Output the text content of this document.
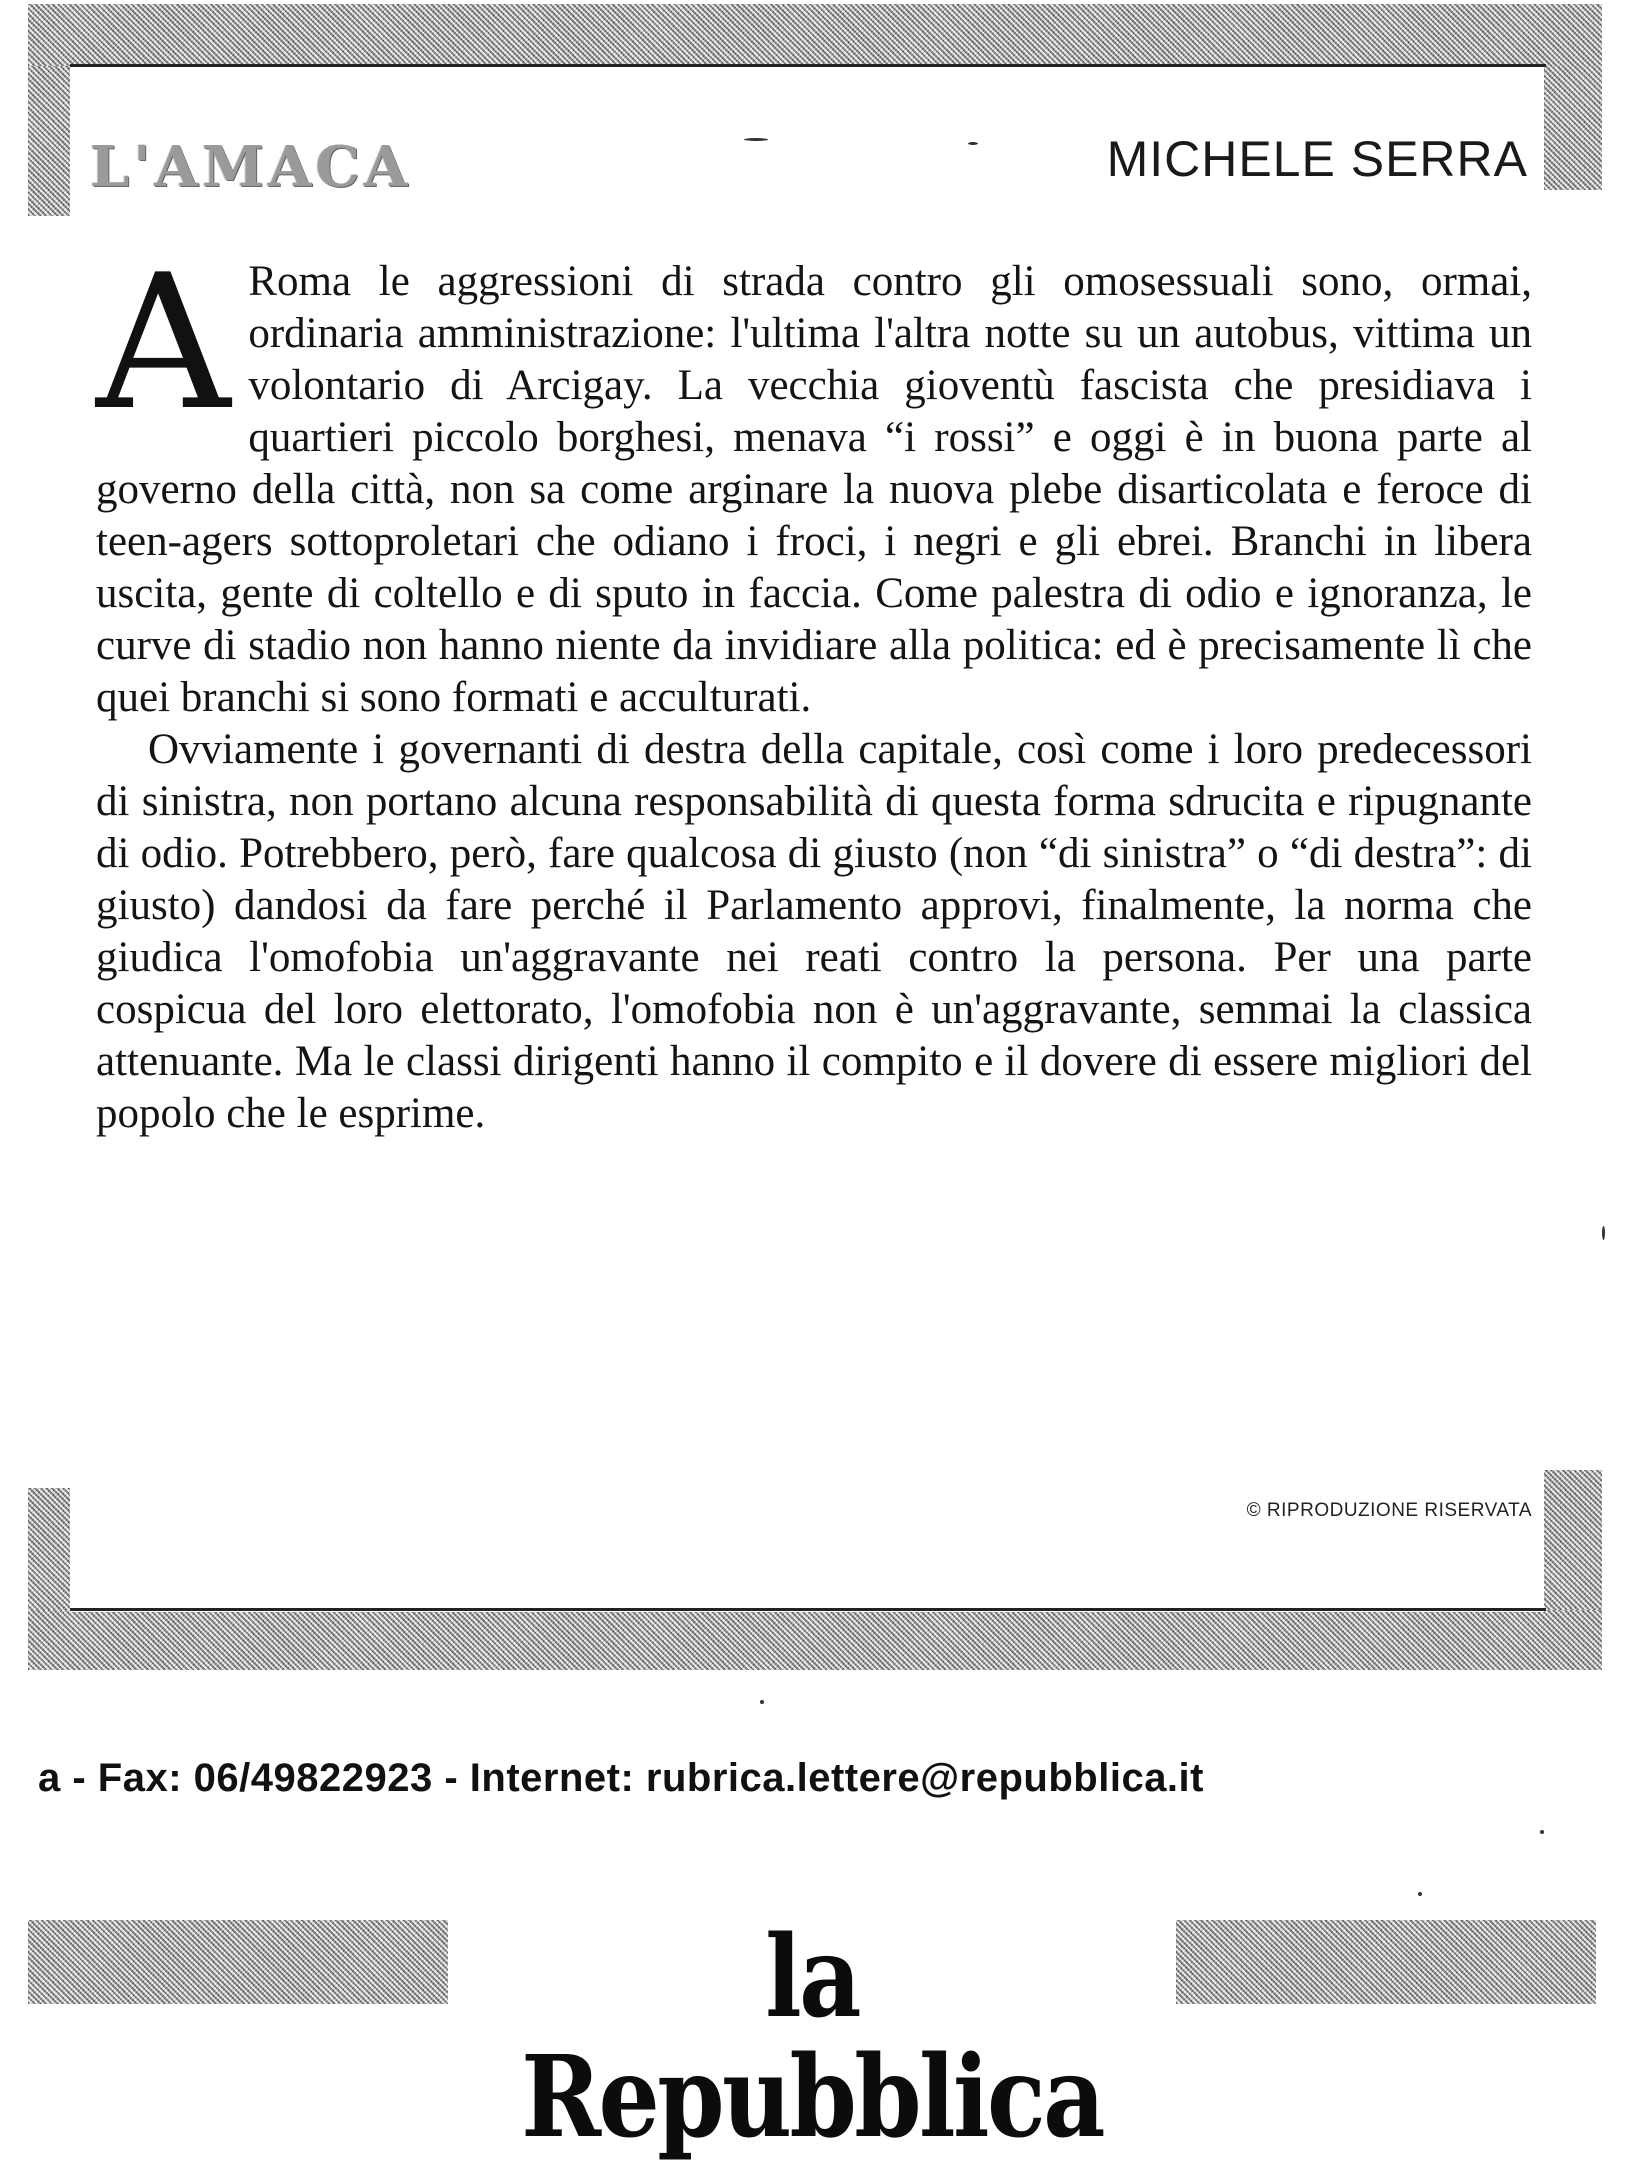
L'AMACA	MICHELE SERRA

A Roma le aggressioni di strada contro gli omosessuali sono, ormai, ordinaria amministrazione: l'ultima l'altra notte su un autobus, vittima un volontario di Arcigay. La vecchia gioventù fascista che presidiava i quartieri piccolo borghesi, menava “i rossi” e oggi è in buona parte al governo della città, non sa come arginare la nuova plebe disarticolata e feroce di teen-agers sottoproletari che odiano i froci, i negri e gli ebrei. Branchi in libera uscita, gente di coltello e di sputo in faccia. Come palestra di odio e ignoranza, le curve di stadio non hanno niente da invidiare alla politica: ed è precisamente lì che quei branchi si sono formati e acculturati.

Ovviamente i governanti di destra della capitale, così come i loro predecessori di sinistra, non portano alcuna responsabilità di questa forma sdrucita e ripugnante di odio. Potrebbero, però, fare qualcosa di giusto (non “di sinistra” o “di destra”: di giusto) dandosi da fare perché il Parlamento approvi, finalmente, la norma che giudica l'omofobia un'aggravante nei reati contro la persona. Per una parte cospicua del loro elettorato, l'omofobia non è un'aggravante, semmai la classica attenuante. Ma le classi dirigenti hanno il compito e il dovere di essere migliori del popolo che le esprime.

© RIPRODUZIONE RISERVATA
a - Fax: 06/49822923 - Internet: rubrica.lettere@repubblica.it
la Repubblica
